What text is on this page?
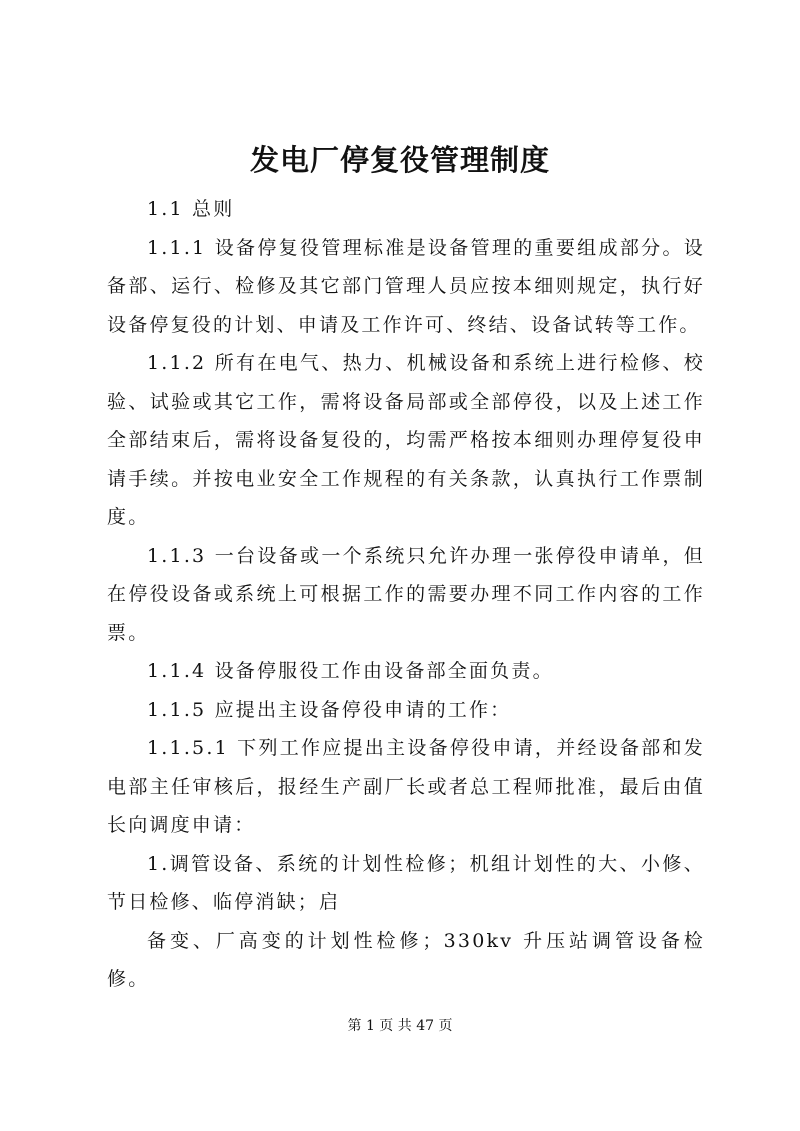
发电厂停复役管理制度

1.1 总则

1.1.1 设备停复役管理标准是设备管理的重要组成部分。设备部、运行、检修及其它部门管理人员应按本细则规定，执行好设备停复役的计划、申请及工作许可、终结、设备试转等工作。

1.1.2 所有在电气、热力、机械设备和系统上进行检修、校验、试验或其它工作，需将设备局部或全部停役，以及上述工作全部结束后，需将设备复役的，均需严格按本细则办理停复役申请手续。并按电业安全工作规程的有关条款，认真执行工作票制度。

1.1.3 一台设备或一个系统只允许办理一张停役申请单，但在停役设备或系统上可根据工作的需要办理不同工作内容的工作票。

1.1.4 设备停服役工作由设备部全面负责。

1.1.5 应提出主设备停役申请的工作：

1.1.5.1 下列工作应提出主设备停役申请，并经设备部和发电部主任审核后，报经生产副厂长或者总工程师批准，最后由值长向调度申请：

1.调管设备、系统的计划性检修；机组计划性的大、小修、节日检修、临停消缺；启

备变、厂高变的计划性检修；330kv 升压站调管设备检修。

第 1 页 共 47 页
